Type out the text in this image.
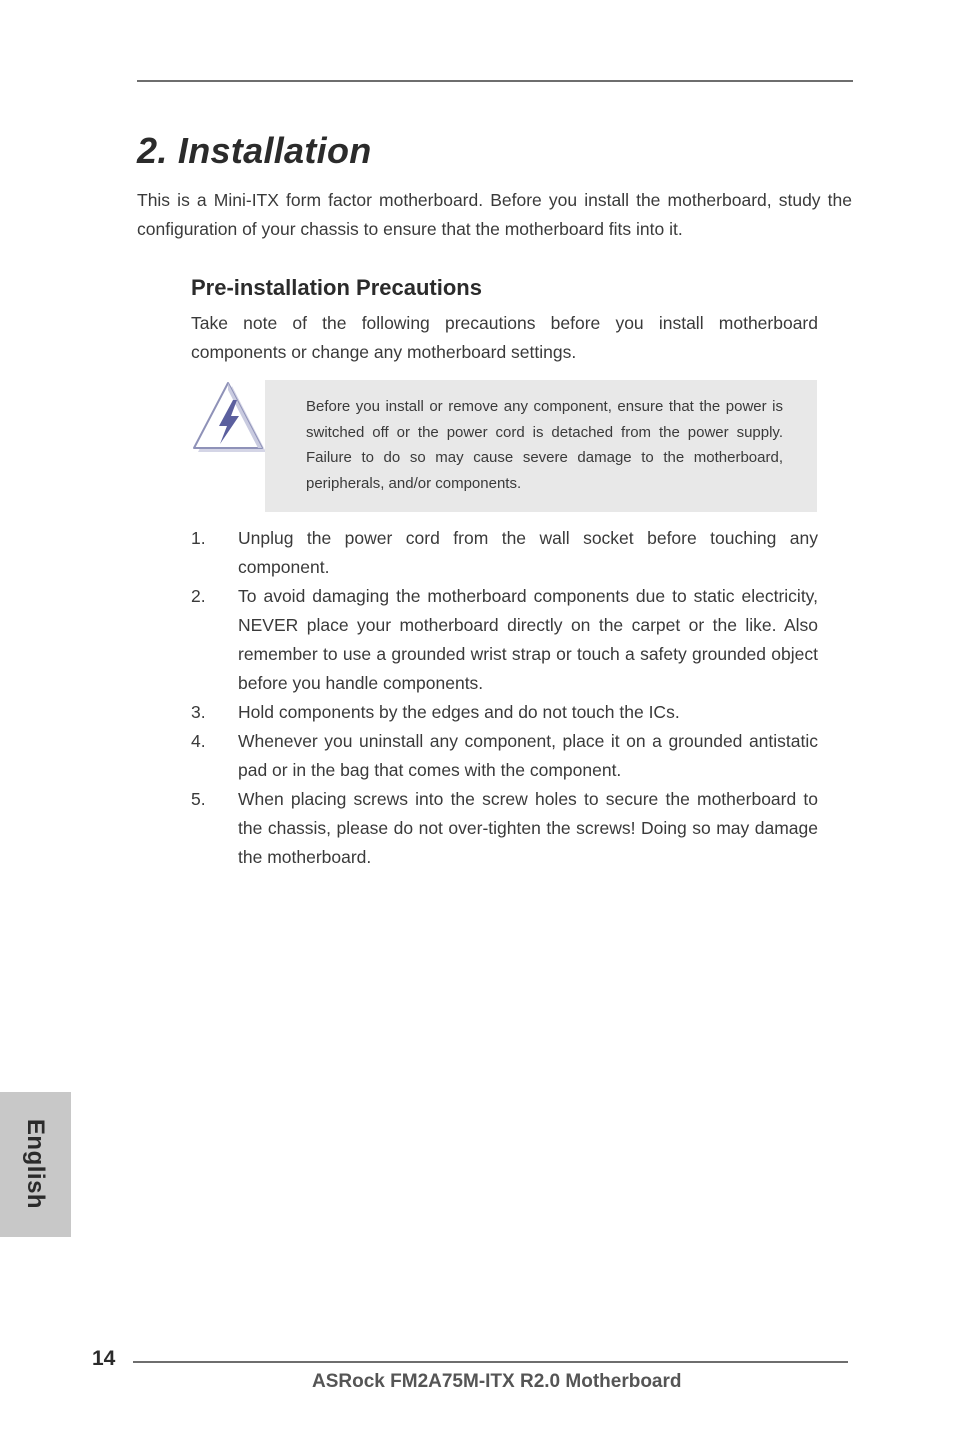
2. Installation

This is a Mini-ITX form factor motherboard. Before you install the motherboard, study the configuration of your chassis to ensure that the motherboard fits into it.

Pre-installation Precautions

Take note of the following precautions before you install motherboard components or change any motherboard settings.

Before you install or remove any component, ensure that the power is switched off or the power cord is detached from the power supply. Failure to do so may cause severe damage to the motherboard, peripherals, and/or components.

1. Unplug the power cord from the wall socket before touching any component.
2. To avoid damaging the motherboard components due to static electricity, NEVER place your motherboard directly on the carpet or the like. Also remember to use a grounded wrist strap or touch a safety grounded object before you handle components.
3. Hold components by the edges and do not touch the ICs.
4. Whenever you uninstall any component, place it on a grounded antistatic pad or in the bag that comes with the component.
5. When placing screws into the screw holes to secure the motherboard to the chassis, please do not over-tighten the screws! Doing so may damage the motherboard.
English
14
ASRock FM2A75M-ITX R2.0 Motherboard
